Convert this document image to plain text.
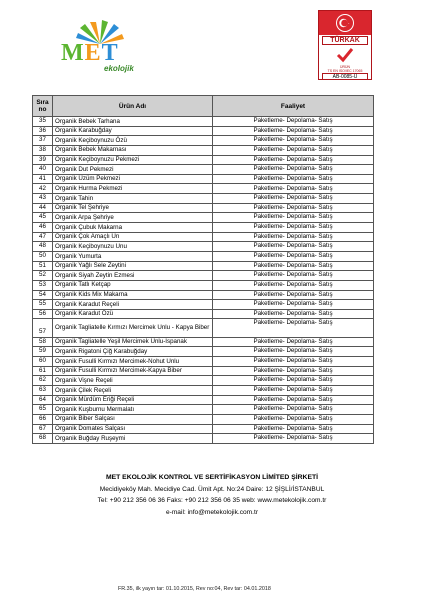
MET
ekolojik
TÜRKAK
ÜRÜN
TS EN ISO/IEC 17065
AB-0085-Ü
Sıra no	Ürün Adı	Faaliyet
35	Organik Bebek Tarhana	Paketleme- Depolama- Satış
36	Organik Karabuğday	Paketleme- Depolama- Satış
37	Organik Keçiboynuzu Özü	Paketleme- Depolama- Satış
38	Organik Bebek Makarnası	Paketleme- Depolama- Satış
39	Organik Keçiboynuzu Pekmezi	Paketleme- Depolama- Satış
40	Organik Dut Pekmezi	Paketleme- Depolama- Satış
41	Organik Üzüm Pekmezi	Paketleme- Depolama- Satış
42	Organik Hurma Pekmezi	Paketleme- Depolama- Satış
43	Organik Tahin	Paketleme- Depolama- Satış
44	Organik Tel Şehriye	Paketleme- Depolama- Satış
45	Organik Arpa Şehriye	Paketleme- Depolama- Satış
46	Organik Çubuk Makarna	Paketleme- Depolama- Satış
47	Organik Çok Amaçlı Un	Paketleme- Depolama- Satış
48	Organik Keçiboynuzu Unu	Paketleme- Depolama- Satış
50	Organik Yumurta	Paketleme- Depolama- Satış
51	Organik Yağlı Sele Zeytini	Paketleme- Depolama- Satış
52	Organik Siyah Zeytin Ezmesi	Paketleme- Depolama- Satış
53	Organik Tatlı Ketçap	Paketleme- Depolama- Satış
54	Organik Kids Mix Makarna	Paketleme- Depolama- Satış
55	Organik Karadut Reçeli	Paketleme- Depolama- Satış
56	Organik Karadut Özü	Paketleme- Depolama- Satış
57	Organik Tagliatelle Kırmızı Mercimek Unlu - Kapya Biber	Paketleme- Depolama- Satış
58	Organik Tagliatelle Yeşil Mercimek Unlu-Ispanak	Paketleme- Depolama- Satış
59	Organik Rigatoni Çiğ Karabuğday	Paketleme- Depolama- Satış
60	Organik Fusulli Kırmızı Mercimek-Nohut Unlu	Paketleme- Depolama- Satış
61	Organik Fusulli Kırmızı Mercimek-Kapya Biber	Paketleme- Depolama- Satış
62	Organik Vişne Reçeli	Paketleme- Depolama- Satış
63	Organik Çilek Reçeli	Paketleme- Depolama- Satış
64	Organik Mürdüm Eriği Reçeli	Paketleme- Depolama- Satış
65	Organik Kuşburnu Mermalatı	Paketleme- Depolama- Satış
66	Organik Biber Salçası	Paketleme- Depolama- Satış
67	Organik Domates Salçası	Paketleme- Depolama- Satış
68	Organik Buğday Ruşeymi	Paketleme- Depolama- Satış
MET EKOLOJİK KONTROL VE SERTİFİKASYON LİMİTED ŞİRKETİ
Mecidiyeköy Mah. Mecidiye Cad. Ümit Apt. No:24 Daire: 12 ŞİŞLİ/İSTANBUL
Tel: +90 212 356 06 36 Faks: +90 212 356 06 35 web: www.metekolojik.com.tr
e-mail: info@metekolojik.com.tr
FR.35, ilk yayın tar: 01.10.2015, Rev no:04, Rev tar: 04.01.2018
